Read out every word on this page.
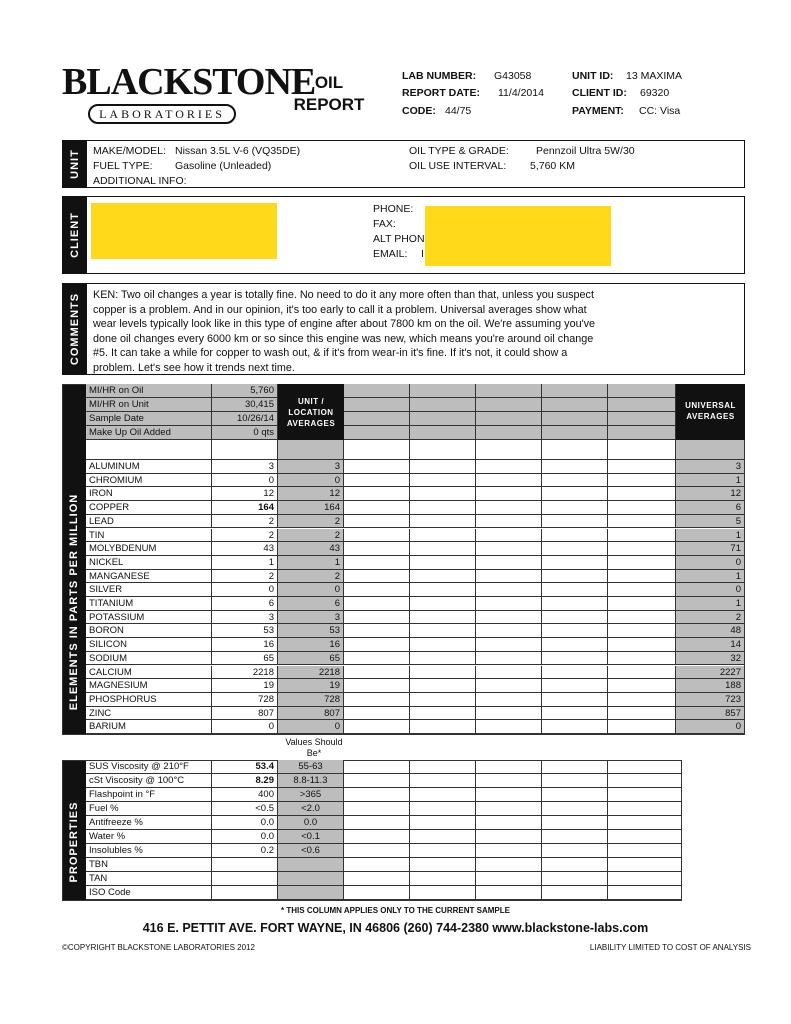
BLACKSTONE
LABORATORIES
OIL
REPORT
LAB NUMBER: G43058
REPORT DATE: 11/4/2014
CODE: 44/75
UNIT ID: 13 MAXIMA
CLIENT ID: 69320
PAYMENT: CC: Visa
UNIT MAKE/MODEL: Nissan 3.5L V-6 (VQ35DE)
FUEL TYPE: Gasoline (Unleaded)
ADDITIONAL INFO:
OIL TYPE & GRADE:	Pennzoil Ultra 5W/30
OIL USE INTERVAL: 5,760 KM
CLIENT
PHONE:
FAX:
ALT PHON
EMAIL: I
COMMENTS KEN: Two oil changes a year is totally fine. No need to do it any more often than that, unless you suspect
copper is a problem. And in our opinion, it's too early to call it a problem. Universal averages show what
wear levels typically look like in this type of engine after about 7800 km on the oil. We're assuming you've
done oil changes every 6000 km or so since this engine was new, which means you're around oil change
#5. It can take a while for copper to wash out, & if it's from wear-in it's fine. If it's not, it could show a
problem. Let's see how it trends next time.
ELEMENTS IN PARTS PER MILLION
MI/HR on Oil	5,760
MI/HR on Unit	30,415
Sample Date	10/26/14
Make Up Oil Added	0 qts
UNIT / LOCATION AVERAGES
UNIVERSAL AVERAGES
ALUMINUM	3	3	3
CHROMIUM	0	0	1
IRON	12	12	12
COPPER	164	164	6
LEAD	2	2	5
TIN	2	2	1
MOLYBDENUM	43	43	71
NICKEL	1	1	0
MANGANESE	2	2	1
SILVER	0	0	0
TITANIUM	6	6	1
POTASSIUM	3	3	2
BORON	53	53	48
SILICON	16	16	14
SODIUM	65	65	32
CALCIUM	2218	2218	2227
MAGNESIUM	19	19	188
PHOSPHORUS	728	728	723
ZINC	807	807	857
BARIUM	0	0	0
PROPERTIES
SUS Viscosity @ 210°F	53.4	55-63
cSt Viscosity @ 100°C	8.29	8.8-11.3
Flashpoint in °F	400	>365
Fuel %	<0.5	<2.0
Antifreeze %	0.0	0.0
Water %	0.0	<0.1
Insolubles %	0.2	<0.6
TBN
TAN
ISO Code
* THIS COLUMN APPLIES ONLY TO THE CURRENT SAMPLE
416 E. PETTIT AVE. FORT WAYNE, IN 46806 (260) 744-2380 www.blackstone-labs.com
©COPYRIGHT BLACKSTONE LABORATORIES 2012	LIABILITY LIMITED TO COST OF ANALYSIS
Values Should Be*
